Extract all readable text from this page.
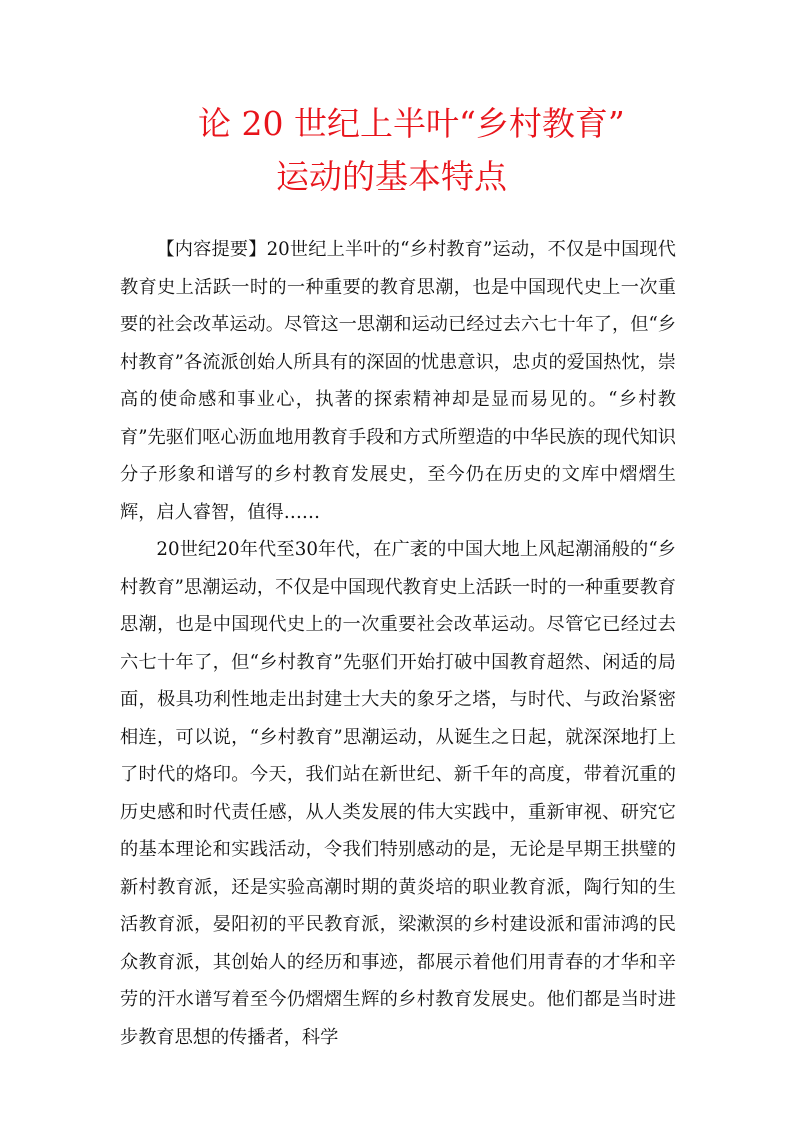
论 20 世纪上半叶“乡村教育”
运动的基本特点

【内容提要】20世纪上半叶的“乡村教育”运动，不仅是中国现代教育史上活跃一时的一种重要的教育思潮，也是中国现代史上一次重要的社会改革运动。尽管这一思潮和运动已经过去六七十年了，但“乡村教育”各流派创始人所具有的深固的忧患意识，忠贞的爱国热忱，崇高的使命感和事业心，执著的探索精神却是显而易见的。“乡村教育”先驱们呕心沥血地用教育手段和方式所塑造的中华民族的现代知识分子形象和谱写的乡村教育发展史，至今仍在历史的文库中熠熠生辉，启人睿智，值得……

20世纪20年代至30年代，在广袤的中国大地上风起潮涌般的“乡村教育”思潮运动，不仅是中国现代教育史上活跃一时的一种重要教育思潮，也是中国现代史上的一次重要社会改革运动。尽管它已经过去六七十年了，但“乡村教育”先驱们开始打破中国教育超然、闲适的局面，极具功利性地走出封建士大夫的象牙之塔，与时代、与政治紧密相连，可以说，“乡村教育”思潮运动，从诞生之日起，就深深地打上了时代的烙印。今天，我们站在新世纪、新千年的高度，带着沉重的历史感和时代责任感，从人类发展的伟大实践中，重新审视、研究它的基本理论和实践活动，令我们特别感动的是，无论是早期王拱璧的新村教育派，还是实验高潮时期的黄炎培的职业教育派，陶行知的生活教育派，晏阳初的平民教育派，梁漱溟的乡村建设派和雷沛鸿的民众教育派，其创始人的经历和事迹，都展示着他们用青春的才华和辛劳的汗水谱写着至今仍熠熠生辉的乡村教育发展史。他们都是当时进步教育思想的传播者，科学
